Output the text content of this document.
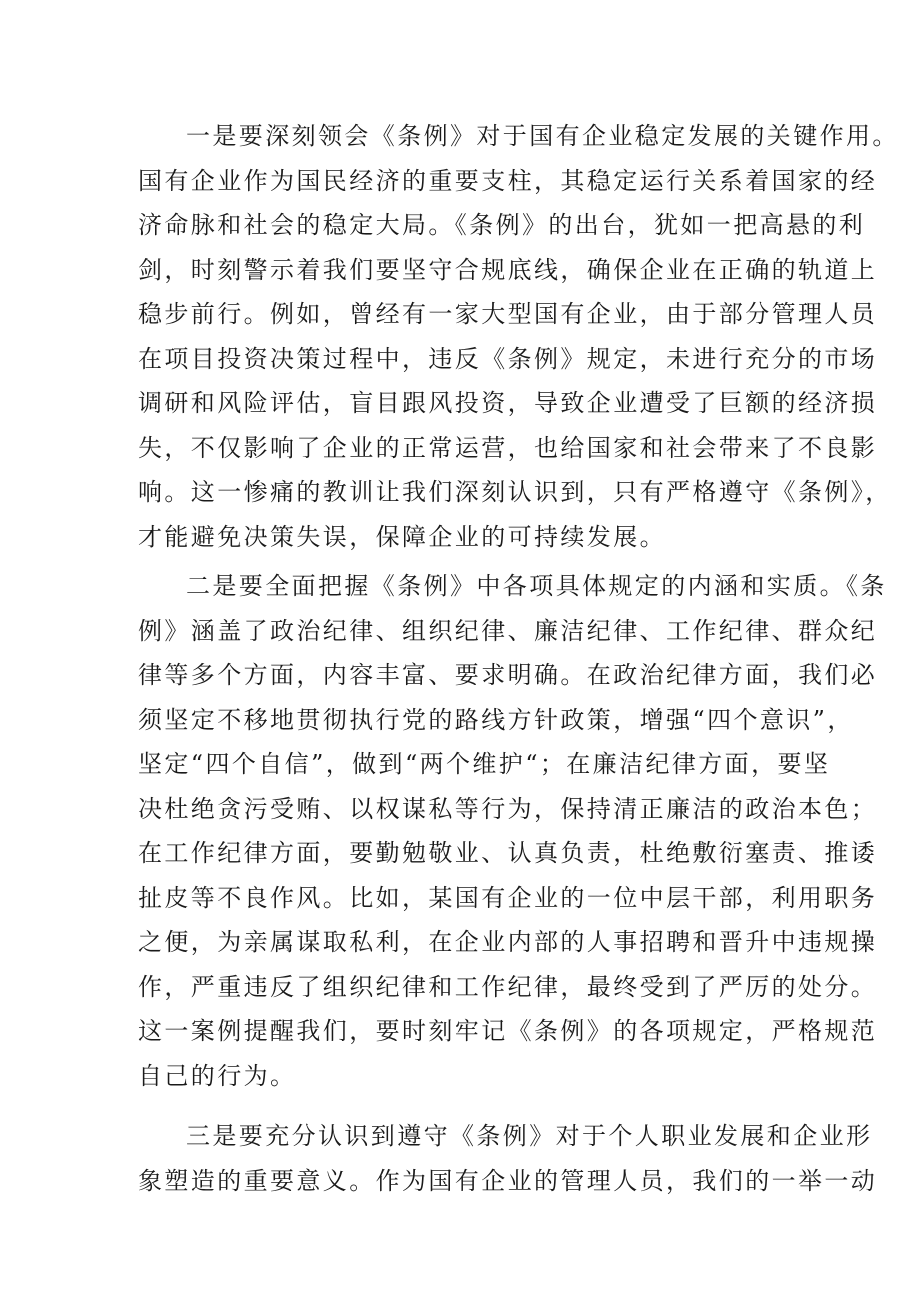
一是要深刻领会《条例》对于国有企业稳定发展的关键作用。
国有企业作为国民经济的重要支柱，其稳定运行关系着国家的经
济命脉和社会的稳定大局。《条例》的出台，犹如一把高悬的利
剑，时刻警示着我们要坚守合规底线，确保企业在正确的轨道上
稳步前行。例如，曾经有一家大型国有企业，由于部分管理人员
在项目投资决策过程中，违反《条例》规定，未进行充分的市场
调研和风险评估，盲目跟风投资，导致企业遭受了巨额的经济损
失，不仅影响了企业的正常运营，也给国家和社会带来了不良影
响。这一惨痛的教训让我们深刻认识到，只有严格遵守《条例》，
才能避免决策失误，保障企业的可持续发展。
二是要全面把握《条例》中各项具体规定的内涵和实质。《条
例》涵盖了政治纪律、组织纪律、廉洁纪律、工作纪律、群众纪
律等多个方面，内容丰富、要求明确。在政治纪律方面，我们必
须坚定不移地贯彻执行党的路线方针政策，增强“四个意识”，
坚定“四个自信”，做到“两个维护“；在廉洁纪律方面，要坚
决杜绝贪污受贿、以权谋私等行为，保持清正廉洁的政治本色；
在工作纪律方面，要勤勉敬业、认真负责，杜绝敷衍塞责、推诿
扯皮等不良作风。比如，某国有企业的一位中层干部，利用职务
之便，为亲属谋取私利，在企业内部的人事招聘和晋升中违规操
作，严重违反了组织纪律和工作纪律，最终受到了严厉的处分。
这一案例提醒我们，要时刻牢记《条例》的各项规定，严格规范
自己的行为。
三是要充分认识到遵守《条例》对于个人职业发展和企业形
象塑造的重要意义。作为国有企业的管理人员，我们的一举一动
